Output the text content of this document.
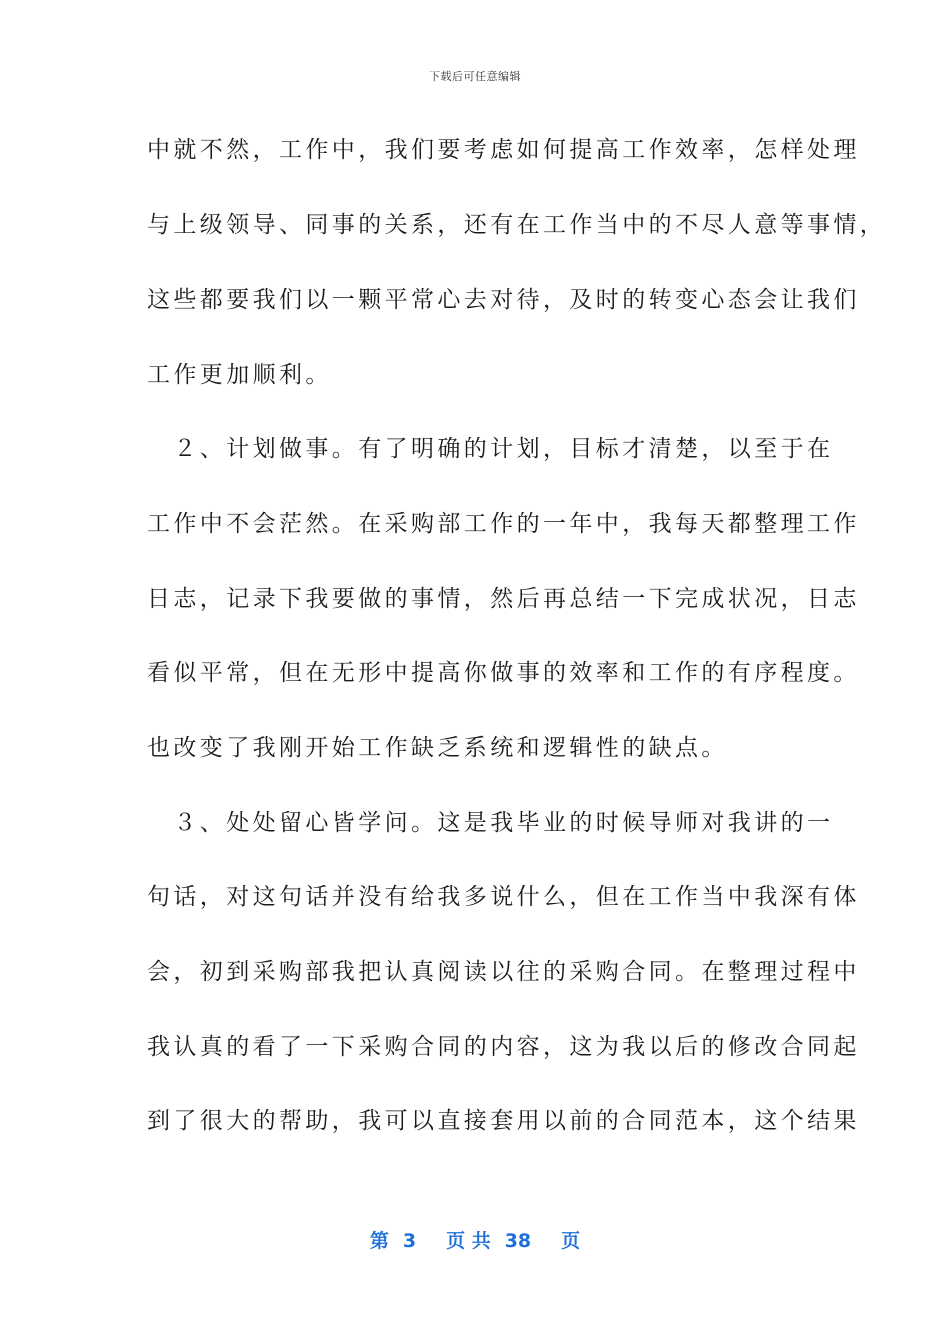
下载后可任意编辑
中就不然，工作中，我们要考虑如何提高工作效率，怎样处理
与上级领导、同事的关系，还有在工作当中的不尽人意等事情，
这些都要我们以一颗平常心去对待，及时的转变心态会让我们
工作更加顺利。
　２、计划做事。有了明确的计划，目标才清楚，以至于在
工作中不会茫然。在采购部工作的一年中，我每天都整理工作
日志，记录下我要做的事情，然后再总结一下完成状况，日志
看似平常，但在无形中提高你做事的效率和工作的有序程度。
也改变了我刚开始工作缺乏系统和逻辑性的缺点。
　３、处处留心皆学问。这是我毕业的时候导师对我讲的一
句话，对这句话并没有给我多说什么，但在工作当中我深有体
会，初到采购部我把认真阅读以往的采购合同。在整理过程中
我认真的看了一下采购合同的内容，这为我以后的修改合同起
到了很大的帮助，我可以直接套用以前的合同范本，这个结果
第 3 页 共 38 页
